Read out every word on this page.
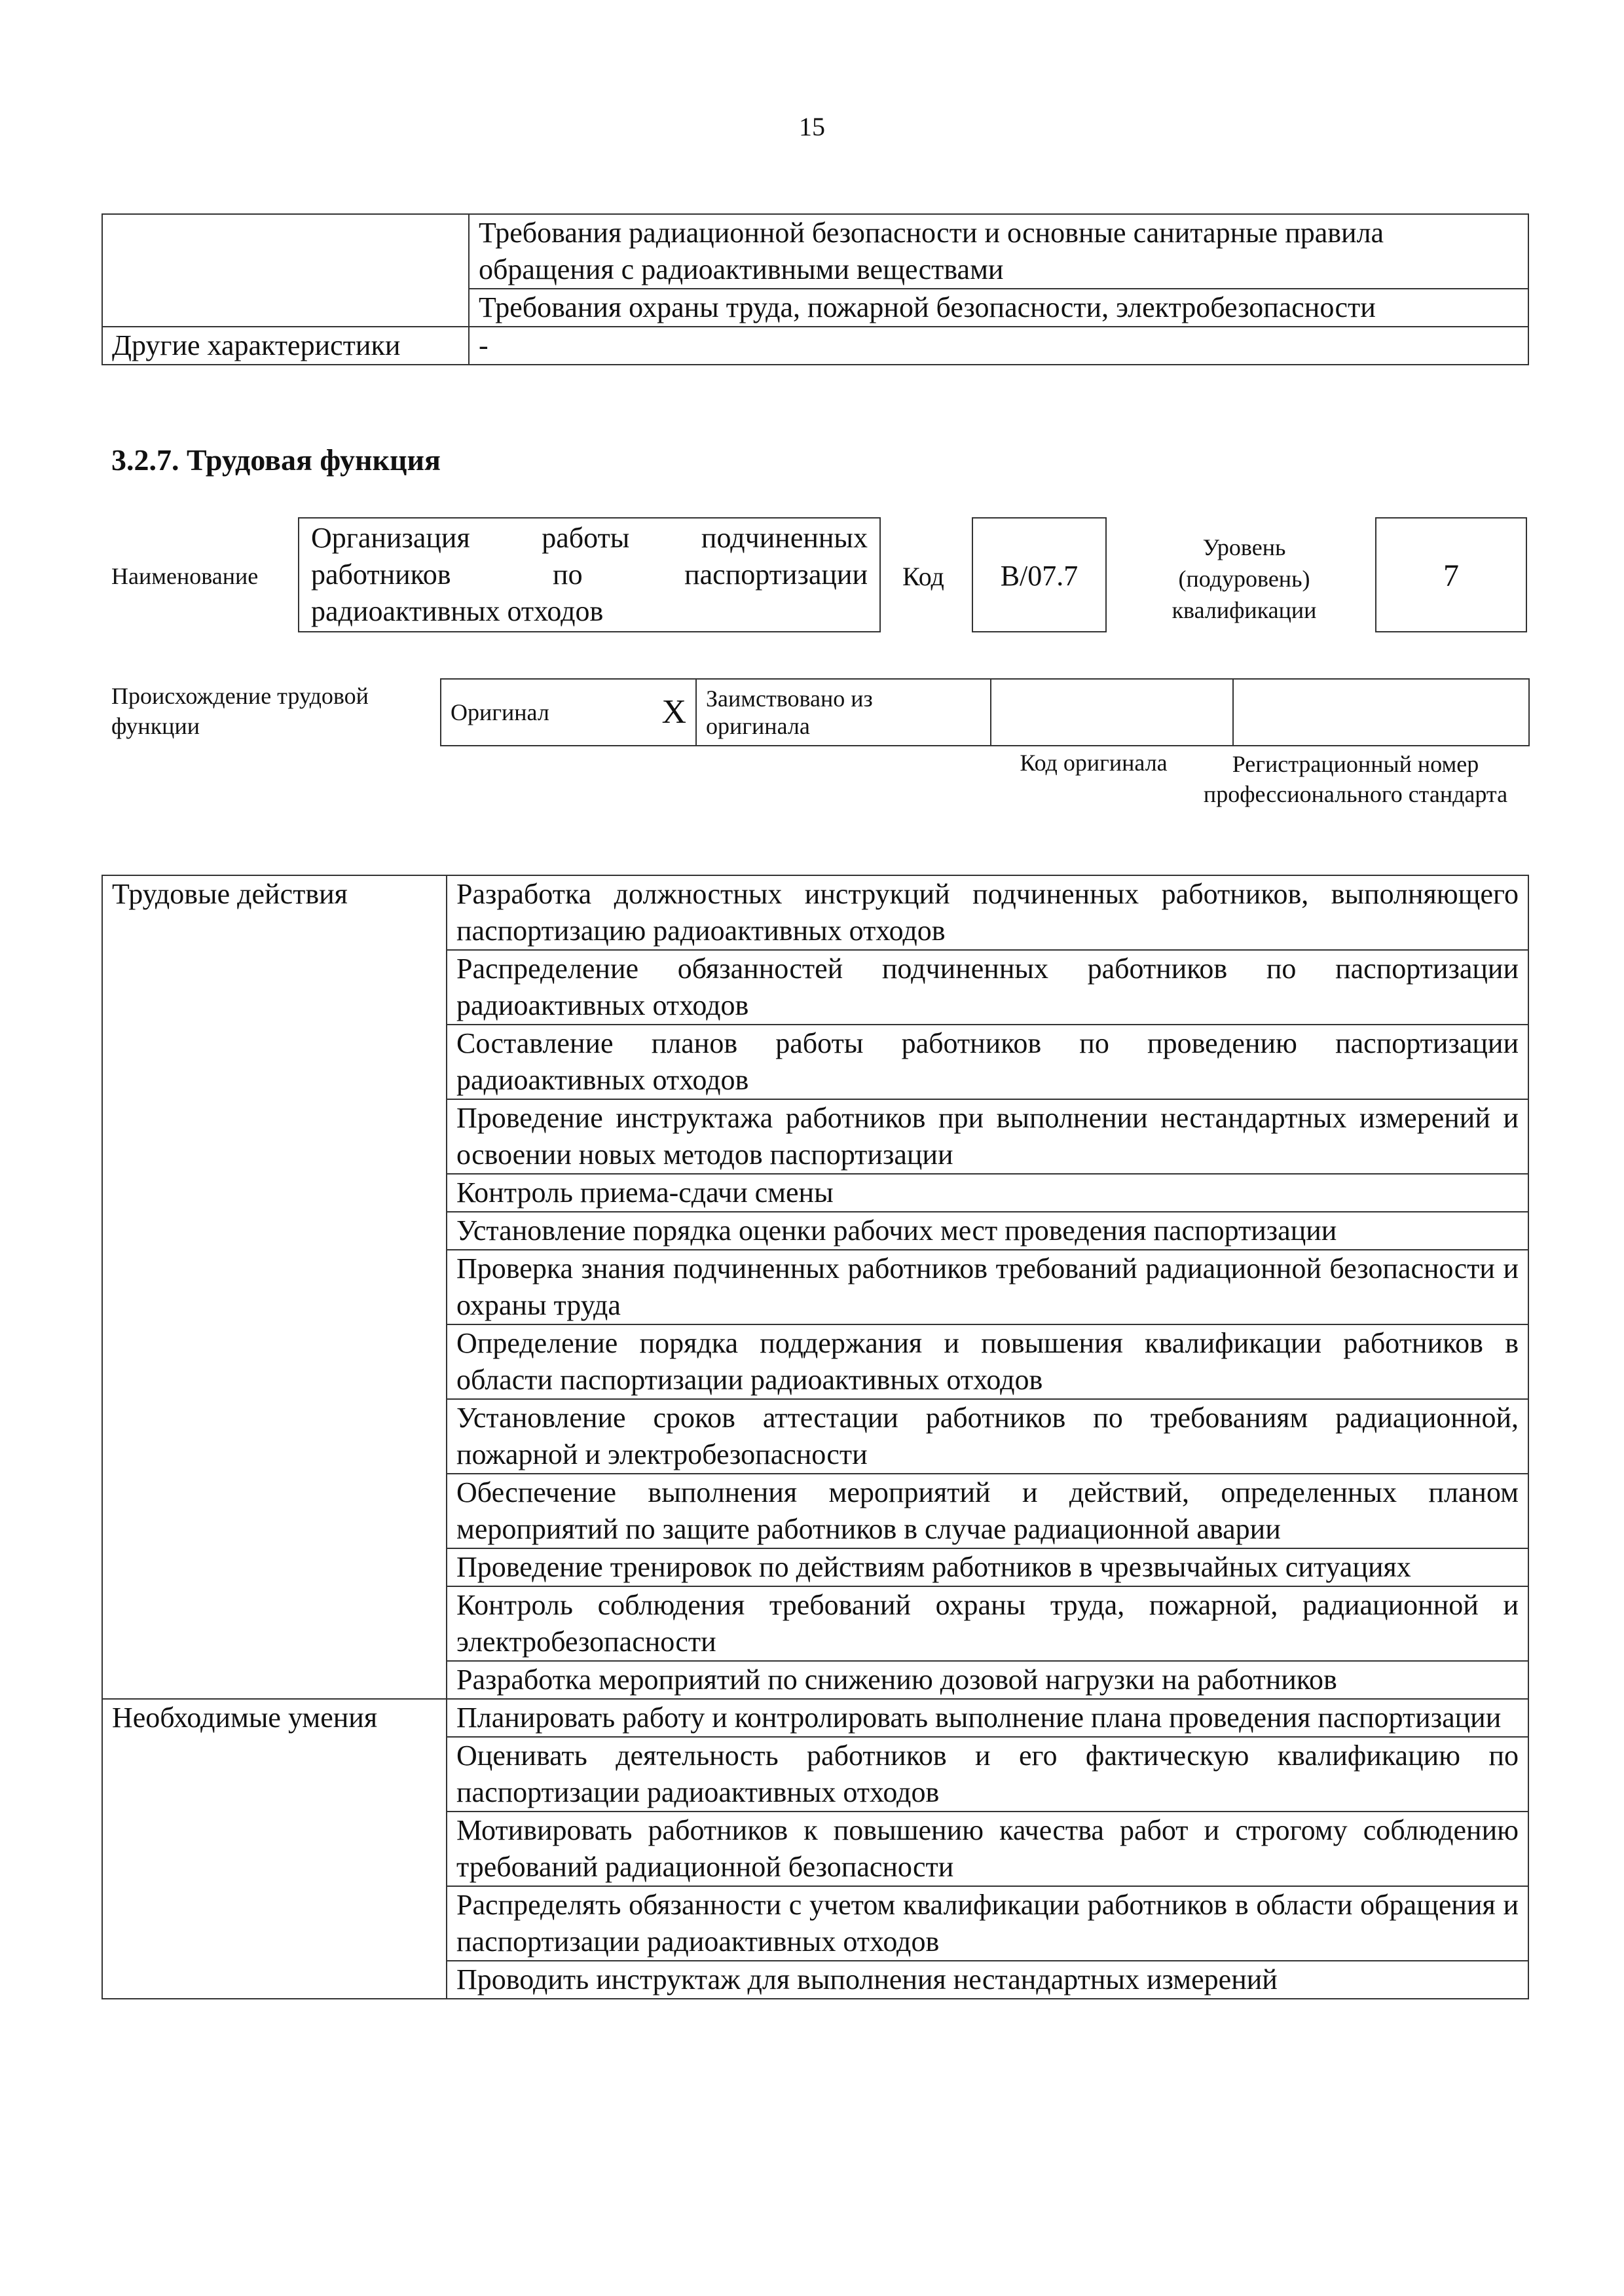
15
	Требования радиационной безопасности и основные санитарные правила обращения с радиоактивными веществами
	Требования охраны труда, пожарной безопасности, электробезопасности
Другие характеристики	-
3.2.7. Трудовая функция
Наименование
Организация работы подчиненных
работников по паспортизации
радиоактивных отходов
Код	B/07.7
Уровень
(подуровень)
квалификации
7
Происхождение трудовой функции
Оригинал	X	Заимствовано из оригинала		
Код оригинала	Регистрационный номер профессионального стандарта
Трудовые действия	Разработка должностных инструкций подчиненных работников, выполняющего паспортизацию радиоактивных отходов
	Распределение обязанностей подчиненных работников по паспортизации радиоактивных отходов
	Составление планов работы работников по проведению паспортизации радиоактивных отходов
	Проведение инструктажа работников при выполнении нестандартных измерений и освоении новых методов паспортизации
	Контроль приема-сдачи смены
	Установление порядка оценки рабочих мест проведения паспортизации
	Проверка знания подчиненных работников требований радиационной безопасности и охраны труда
	Определение порядка поддержания и повышения квалификации работников в области паспортизации радиоактивных отходов
	Установление сроков аттестации работников по требованиям радиационной, пожарной и электробезопасности
	Обеспечение выполнения мероприятий и действий, определенных планом мероприятий по защите работников в случае радиационной аварии
	Проведение тренировок по действиям работников в чрезвычайных ситуациях
	Контроль соблюдения требований охраны труда, пожарной, радиационной и электробезопасности
	Разработка мероприятий по снижению дозовой нагрузки на работников
Необходимые умения	Планировать работу и контролировать выполнение плана проведения паспортизации
	Оценивать деятельность работников и его фактическую квалификацию по паспортизации радиоактивных отходов
	Мотивировать работников к повышению качества работ и строгому соблюдению требований радиационной безопасности
	Распределять обязанности с учетом квалификации работников в области обращения и паспортизации радиоактивных отходов
	Проводить инструктаж для выполнения нестандартных измерений
